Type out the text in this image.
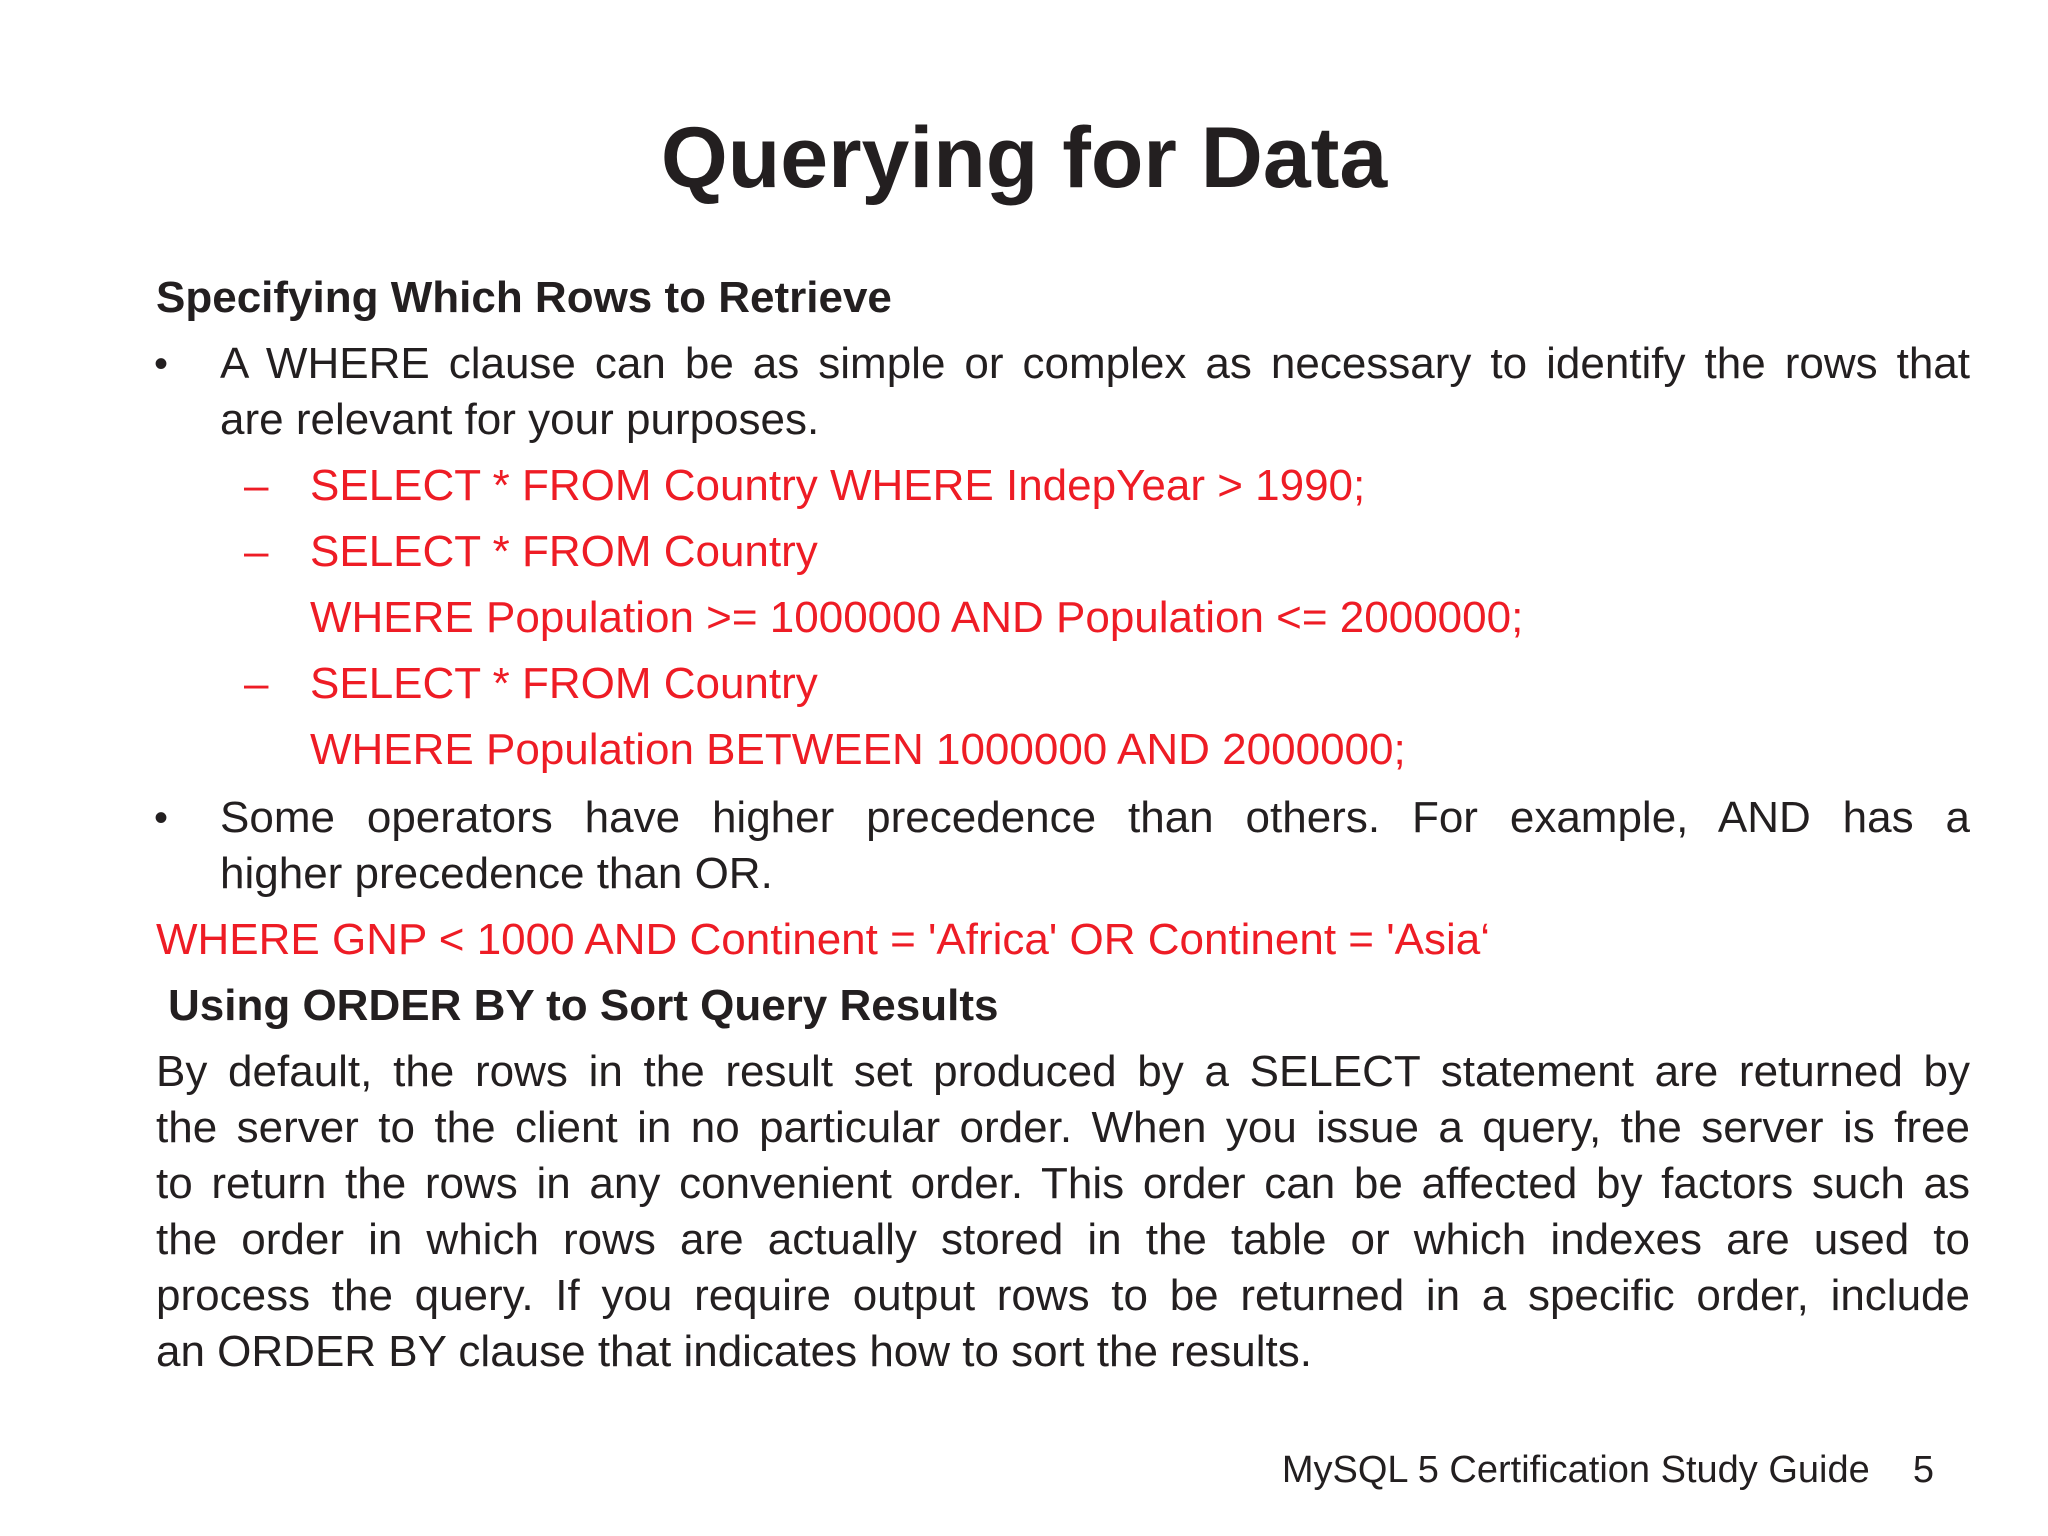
Querying for Data
Specifying Which Rows to Retrieve
• A WHERE clause can be as simple or complex as necessary to identify the rows that
are relevant for your purposes.
– SELECT * FROM Country WHERE IndepYear > 1990;
– SELECT * FROM Country
WHERE Population >= 1000000 AND Population <= 2000000;
– SELECT * FROM Country
WHERE Population BETWEEN 1000000 AND 2000000;
• Some operators have higher precedence than others. For example, AND has a
higher precedence than OR.
WHERE GNP < 1000 AND Continent = 'Africa' OR Continent = 'Asia‘
Using ORDER BY to Sort Query Results
By default, the rows in the result set produced by a SELECT statement are returned by
the server to the client in no particular order. When you issue a query, the server is free
to return the rows in any convenient order. This order can be affected by factors such as
the order in which rows are actually stored in the table or which indexes are used to
process the query. If you require output rows to be returned in a specific order, include
an ORDER BY clause that indicates how to sort the results.
MySQL 5 Certification Study Guide 5
